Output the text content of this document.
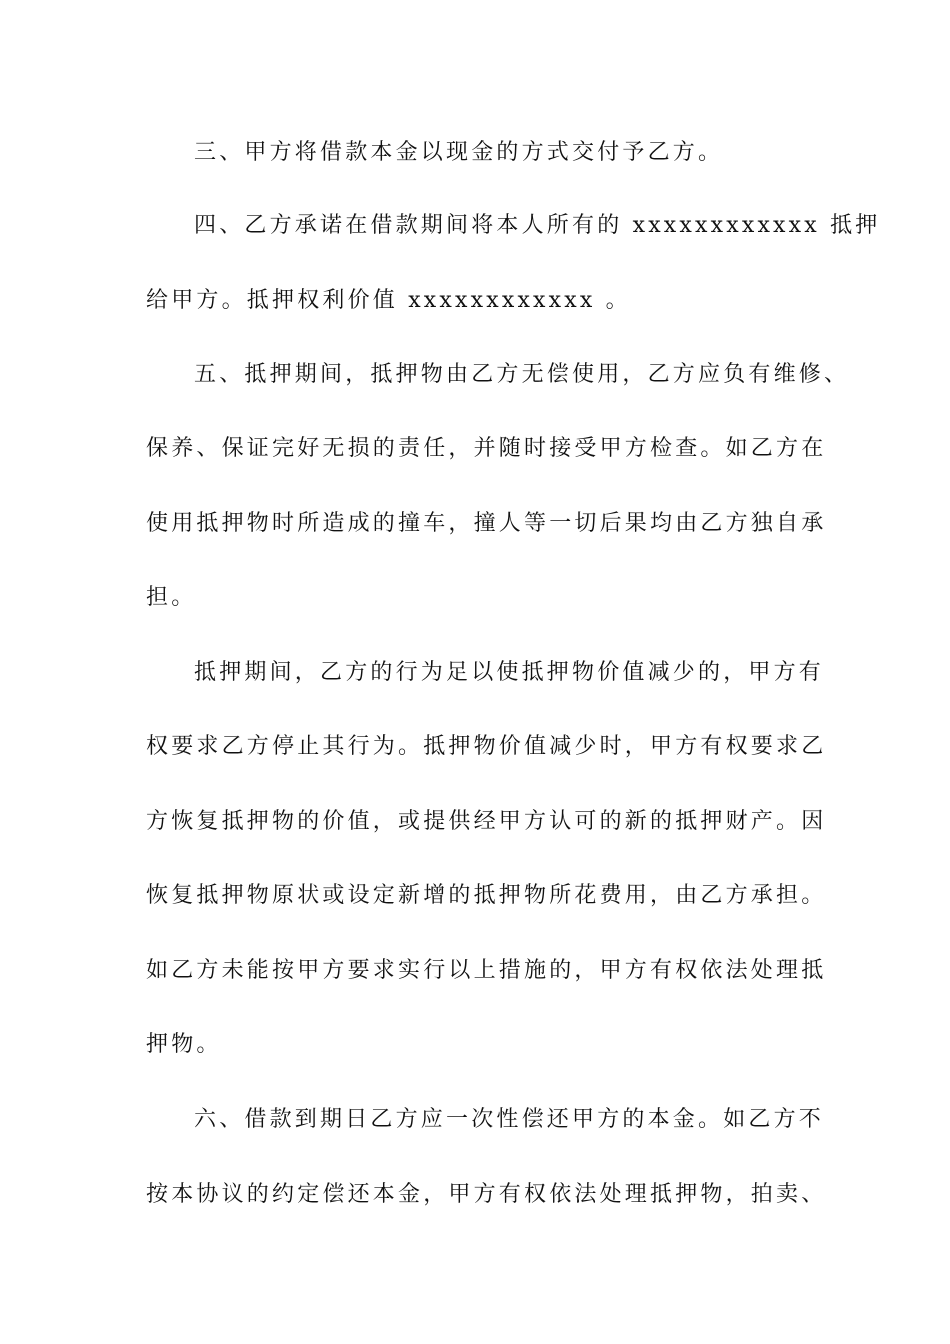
三、甲方将借款本金以现金的方式交付予乙方。
四、乙方承诺在借款期间将本人所有的 xxxxxxxxxxxx 抵押
给甲方。抵押权利价值 xxxxxxxxxxxx 。
五、抵押期间，抵押物由乙方无偿使用，乙方应负有维修、
保养、保证完好无损的责任，并随时接受甲方检查。如乙方在
使用抵押物时所造成的撞车，撞人等一切后果均由乙方独自承
担。
抵押期间，乙方的行为足以使抵押物价值减少的，甲方有
权要求乙方停止其行为。抵押物价值减少时，甲方有权要求乙
方恢复抵押物的价值，或提供经甲方认可的新的抵押财产。因
恢复抵押物原状或设定新增的抵押物所花费用，由乙方承担。
如乙方未能按甲方要求实行以上措施的，甲方有权依法处理抵
押物。
六、借款到期日乙方应一次性偿还甲方的本金。如乙方不
按本协议的约定偿还本金，甲方有权依法处理抵押物，拍卖、
